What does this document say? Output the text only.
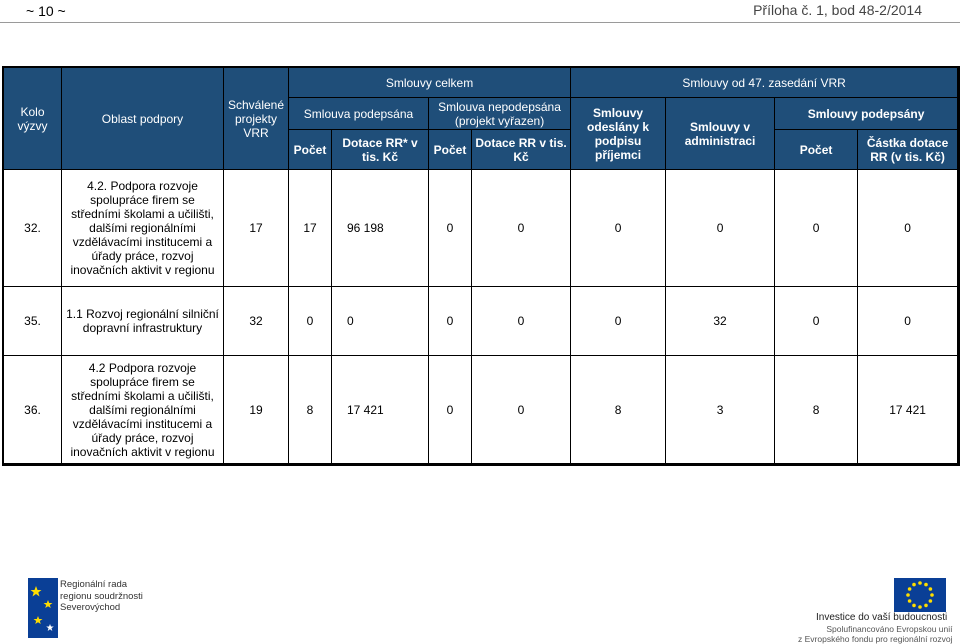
~ 10 ~	Příloha č. 1, bod 48-2/2014
Kolo výzvy	Oblast podpory	Schválené projekty VRR	Smlouvy celkem				Smlouvy od 47. zasedání VRR			
			Smlouva podepsána		Smlouva nepodepsána (projekt vyřazen)		Smlouvy odeslány k podpisu příjemci	Smlouvy v administraci	Smlouvy podepsány	
			Počet	Dotace RR* v tis. Kč	Počet	Dotace RR v tis. Kč			Počet	Částka dotace RR (v tis. Kč)
32.	4.2. Podpora rozvoje spolupráce firem se středními školami a učilišti, dalšími regionálními vzdělávacími institucemi a úřady práce, rozvoj inovačních aktivit v regionu	17	17	96 198	0	0	0	0	0	0
35.	1.1 Rozvoj regionální silniční dopravní infrastruktury	32	0	0	0	0	0	32	0	0
36.	4.2 Podpora rozvoje spolupráce firem se středními školami a učilišti, dalšími regionálními vzdělávacími institucemi a úřady práce, rozvoj inovačních aktivit v regionu	19	8	17 421	0	0	8	3	8	17 421
Regionální rada
regionu soudržnosti
Severovýchod
Investice do vaší budoucnosti
Spolufinancováno Evropskou unií
z Evropského fondu pro regionální rozvoj
